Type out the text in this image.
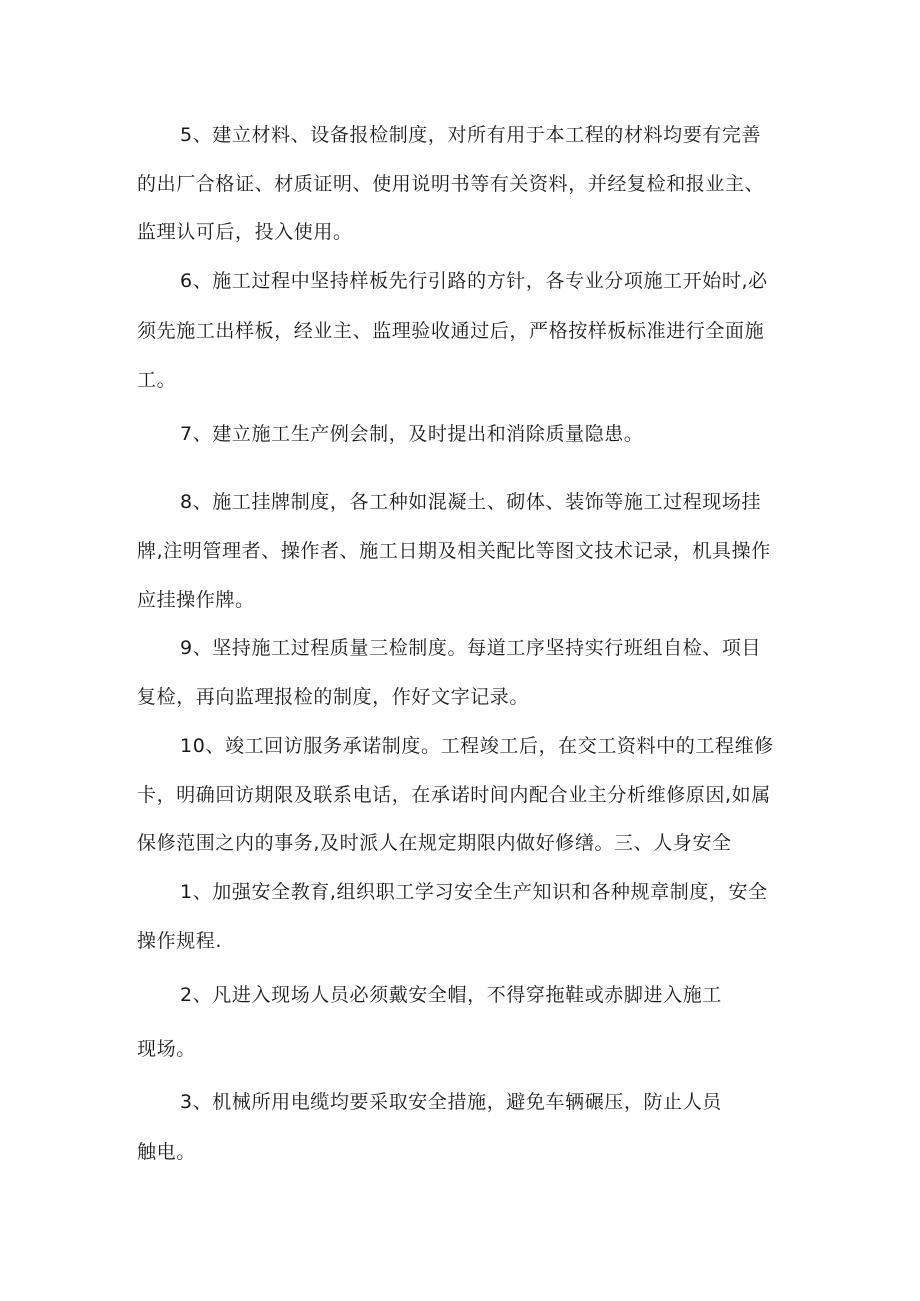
5、建立材料、设备报检制度，对所有用于本工程的材料均要有完善
的出厂合格证、材质证明、使用说明书等有关资料，并经复检和报业主、
监理认可后，投入使用。
6、施工过程中坚持样板先行引路的方针，各专业分项施工开始时,必
须先施工出样板，经业主、监理验收通过后，严格按样板标准进行全面施
工。
7、建立施工生产例会制，及时提出和消除质量隐患。
8、施工挂牌制度，各工种如混凝土、砌体、装饰等施工过程现场挂
牌,注明管理者、操作者、施工日期及相关配比等图文技术记录，机具操作
应挂操作牌。
9、坚持施工过程质量三检制度。每道工序坚持实行班组自检、项目
复检，再向监理报检的制度，作好文字记录。
10、竣工回访服务承诺制度。工程竣工后，在交工资料中的工程维修
卡，明确回访期限及联系电话，在承诺时间内配合业主分析维修原因,如属
保修范围之内的事务,及时派人在规定期限内做好修缮。三、人身安全
1、加强安全教育,组织职工学习安全生产知识和各种规章制度，安全
操作规程.
2、凡进入现场人员必须戴安全帽，不得穿拖鞋或赤脚进入施工
现场。
3、机械所用电缆均要采取安全措施，避免车辆碾压，防止人员
触电。
